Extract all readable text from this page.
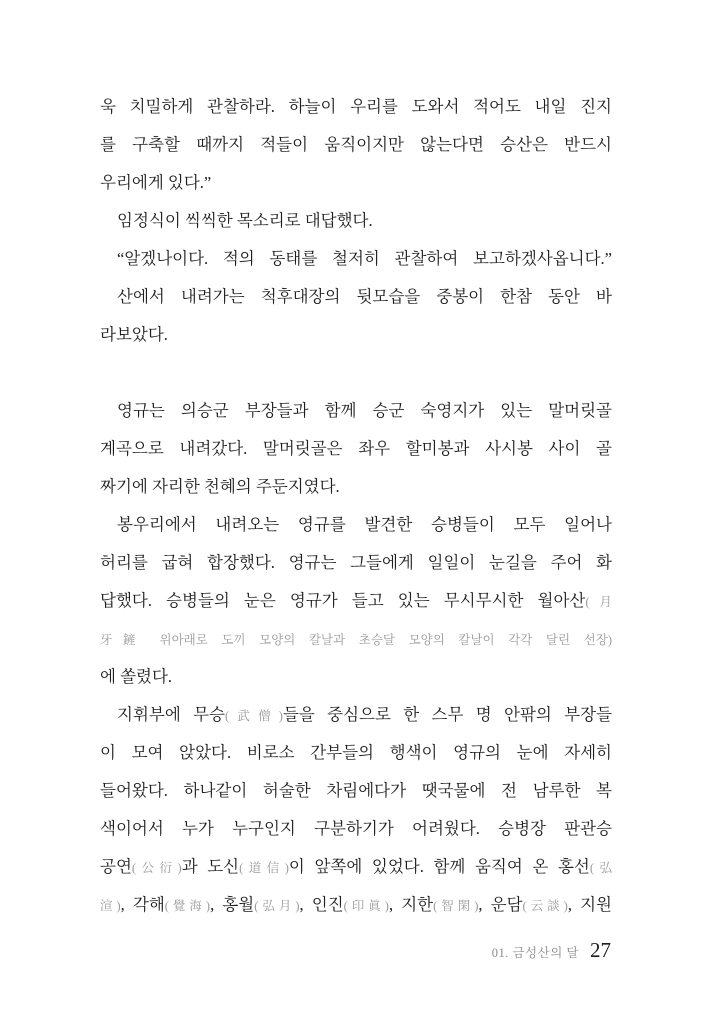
욱 치밀하게 관찰하라. 하늘이 우리를 도와서 적어도 내일 진지
를 구축할 때까지 적들이 움직이지만 않는다면 승산은 반드시
우리에게 있다.”
임정식이 씩씩한 목소리로 대답했다.
“알겠나이다. 적의 동태를 철저히 관찰하여 보고하겠사옵니다.”
산에서 내려가는 척후대장의 뒷모습을 중봉이 한참 동안 바
라보았다.
영규는 의승군 부장들과 함께 승군 숙영지가 있는 말머릿골
계곡으로 내려갔다. 말머릿골은 좌우 할미봉과 사시봉 사이 골
짜기에 자리한 천혜의 주둔지였다.
봉우리에서 내려오는 영규를 발견한 승병들이 모두 일어나
허리를 굽혀 합장했다. 영규는 그들에게 일일이 눈길을 주어 화
답했다. 승병들의 눈은 영규가 들고 있는 무시무시한 월아산(月
牙鏟 위아래로 도끼 모양의 칼날과 초승달 모양의 칼날이 각각 달린 선장)
에 쏠렸다.
지휘부에 무승(武僧)들을 중심으로 한 스무 명 안팎의 부장들
이 모여 앉았다. 비로소 간부들의 행색이 영규의 눈에 자세히
들어왔다. 하나같이 허술한 차림에다가 땟국물에 전 남루한 복
색이어서 누가 누구인지 구분하기가 어려웠다. 승병장 판관승
공연(公衍)과 도신(道信)이 앞쪽에 있었다. 함께 움직여 온 홍선(弘
渲), 각해(覺海), 홍월(弘月), 인진(印眞), 지한(智閑), 운담(云談), 지원
01. 금성산의 달 27
